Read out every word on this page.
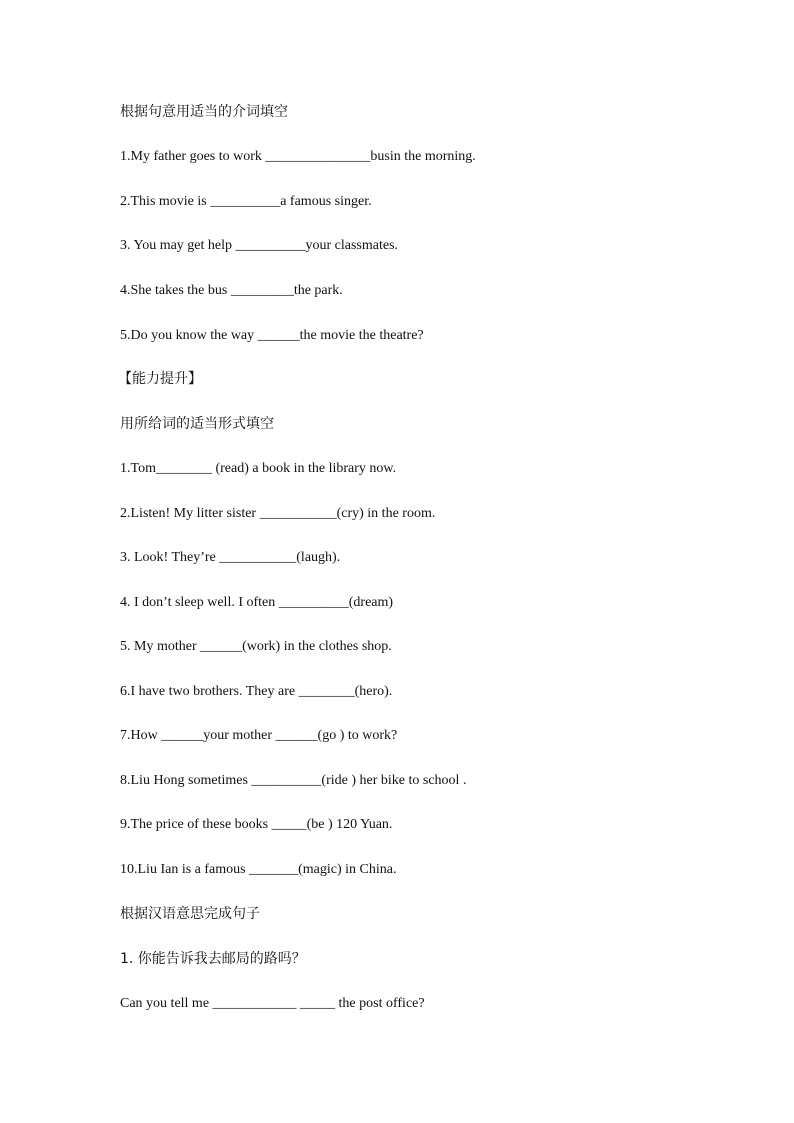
根据句意用适当的介词填空
1.My father goes to work _______________busin the morning.
2.This movie is __________a famous singer.
3. You may get help __________your classmates.
4.She takes the bus _________the park.
5.Do you know the way ______the movie the theatre?
【能力提升】
用所给词的适当形式填空
1.Tom________ (read) a book in the library now.
2.Listen! My litter sister ___________(cry) in the room.
3. Look! They’re ___________(laugh).
4. I don’t sleep well. I often __________(dream)
5. My mother ______(work) in the clothes shop.
6.I have two brothers. They are ________(hero).
7.How ______your mother ______(go ) to work?
8.Liu Hong sometimes __________(ride ) her bike to school .
9.The price of these books _____(be ) 120 Yuan.
10.Liu Ian is a famous _______(magic) in China.
根据汉语意思完成句子
1. 你能告诉我去邮局的路吗？
Can you tell me ____________ _____ the post office?
